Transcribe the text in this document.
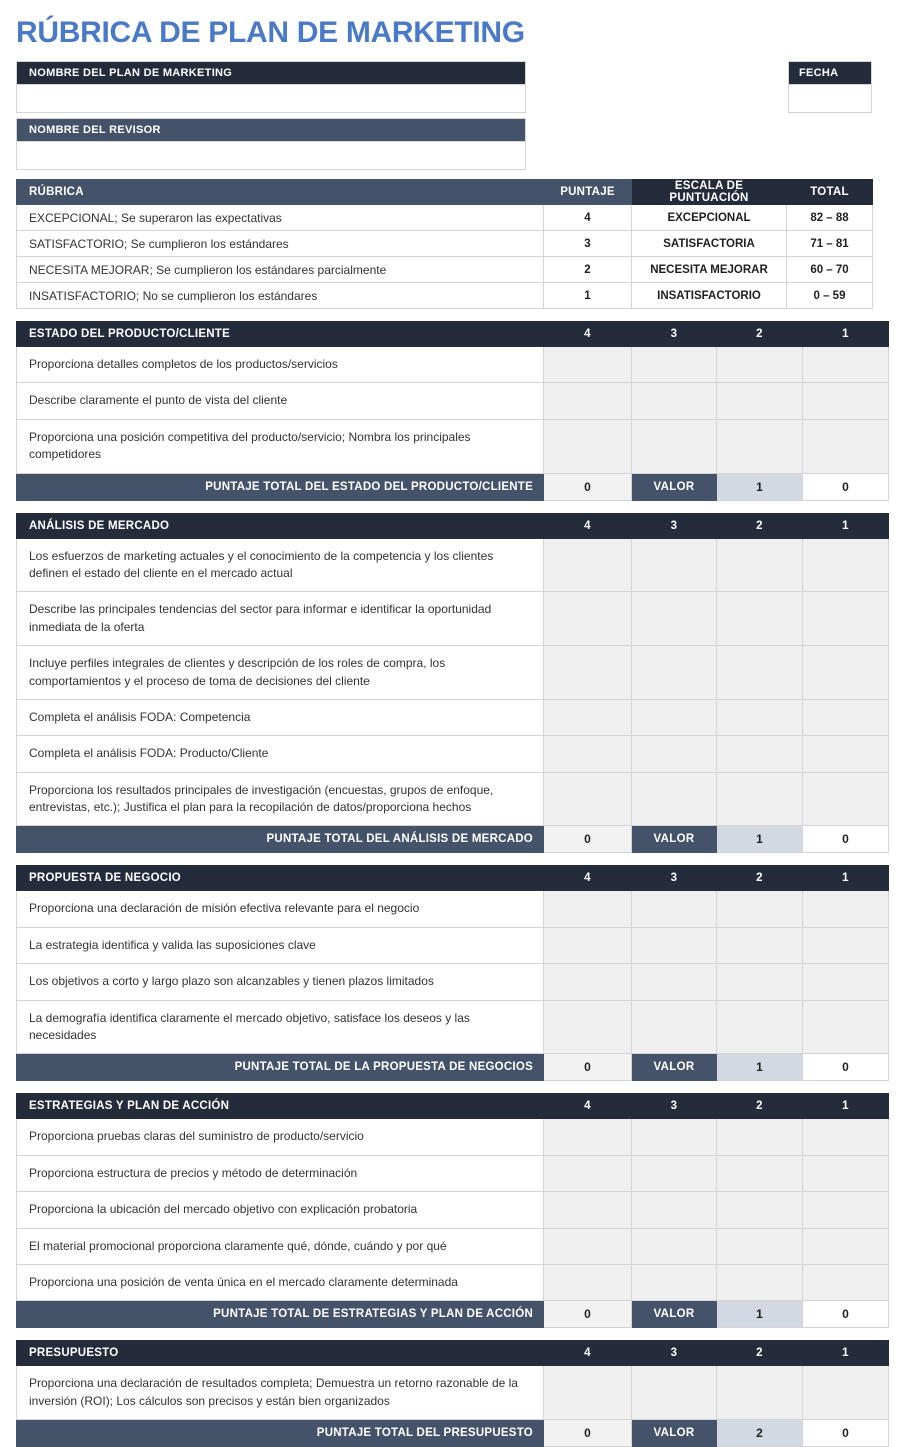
RÚBRICA DE PLAN DE MARKETING
NOMBRE DEL PLAN DE MARKETING
NOMBRE DEL REVISOR
FECHA
RÚBRICA	PUNTAJE	ESCALA DE PUNTUACIÓN	TOTAL
EXCEPCIONAL; Se superaron las expectativas	4	EXCEPCIONAL	82 – 88
SATISFACTORIO; Se cumplieron los estándares	3	SATISFACTORIA	71 – 81
NECESITA MEJORAR; Se cumplieron los estándares parcialmente	2	NECESITA MEJORAR	60 – 70
INSATISFACTORIO; No se cumplieron los estándares	1	INSATISFACTORIO	0 – 59
ESTADO DEL PRODUCTO/CLIENTE	4	3	2	1
Proporciona detalles completos de los productos/servicios				
Describe claramente el punto de vista del cliente				
Proporciona una posición competitiva del producto/servicio; Nombra los principales competidores				
PUNTAJE TOTAL DEL ESTADO DEL PRODUCTO/CLIENTE	0	VALOR	1	0
ANÁLISIS DE MERCADO	4	3	2	1
Los esfuerzos de marketing actuales y el conocimiento de la competencia y los clientes definen el estado del cliente en el mercado actual				
Describe las principales tendencias del sector para informar e identificar la oportunidad inmediata de la oferta				
Incluye perfiles integrales de clientes y descripción de los roles de compra, los comportamientos y el proceso de toma de decisiones del cliente				
Completa el análisis FODA: Competencia				
Completa el análisis FODA: Producto/Cliente				
Proporciona los resultados principales de investigación (encuestas, grupos de enfoque, entrevistas, etc.); Justifica el plan para la recopilación de datos/proporciona hechos				
PUNTAJE TOTAL DEL ANÁLISIS DE MERCADO	0	VALOR	1	0
PROPUESTA DE NEGOCIO	4	3	2	1
Proporciona una declaración de misión efectiva relevante para el negocio				
La estrategia identifica y valida las suposiciones clave				
Los objetivos a corto y largo plazo son alcanzables y tienen plazos limitados				
La demografía identifica claramente el mercado objetivo, satisface los deseos y las necesidades				
PUNTAJE TOTAL DE LA PROPUESTA DE NEGOCIOS	0	VALOR	1	0
ESTRATEGIAS Y PLAN DE ACCIÓN	4	3	2	1
Proporciona pruebas claras del suministro de producto/servicio				
Proporciona estructura de precios y método de determinación				
Proporciona la ubicación del mercado objetivo con explicación probatoria				
El material promocional proporciona claramente qué, dónde, cuándo y por qué				
Proporciona una posición de venta única en el mercado claramente determinada				
PUNTAJE TOTAL DE ESTRATEGIAS Y PLAN DE ACCIÓN	0	VALOR	1	0
PRESUPUESTO	4	3	2	1
Proporciona una declaración de resultados completa; Demuestra un retorno razonable de la inversión (ROI); Los cálculos son precisos y están bien organizados				
PUNTAJE TOTAL DEL PRESUPUESTO	0	VALOR	2	0
